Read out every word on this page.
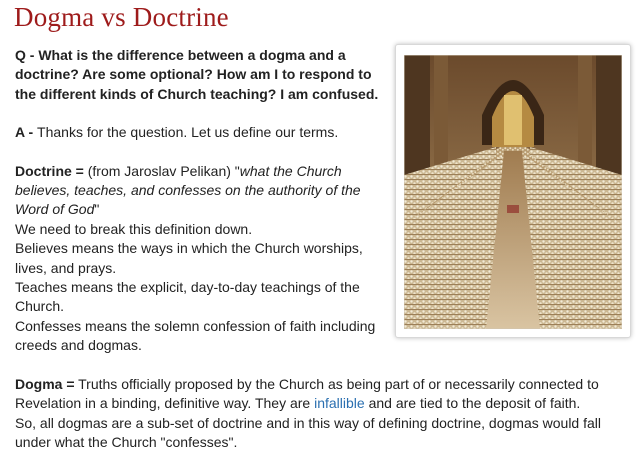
Dogma vs Doctrine

Q - What is the difference between a dogma and a
doctrine? Are some optional? How am I to respond to
the different kinds of Church teaching? I am confused.

A - Thanks for the question. Let us define our terms.

Doctrine = (from Jaroslav Pelikan) "what the Church
believes, teaches, and confesses on the authority of the
Word of God"
We need to break this definition down.
Believes means the ways in which the Church worships,
lives, and prays.
Teaches means the explicit, day-to-day teachings of the
Church.
Confesses means the solemn confession of faith including
creeds and dogmas.

Dogma = Truths officially proposed by the Church as being part of or necessarily connected to
Revelation in a binding, definitive way. They are infallible and are tied to the deposit of faith.
So, all dogmas are a sub-set of doctrine and in this way of defining doctrine, dogmas would fall
under what the Church "confesses".
